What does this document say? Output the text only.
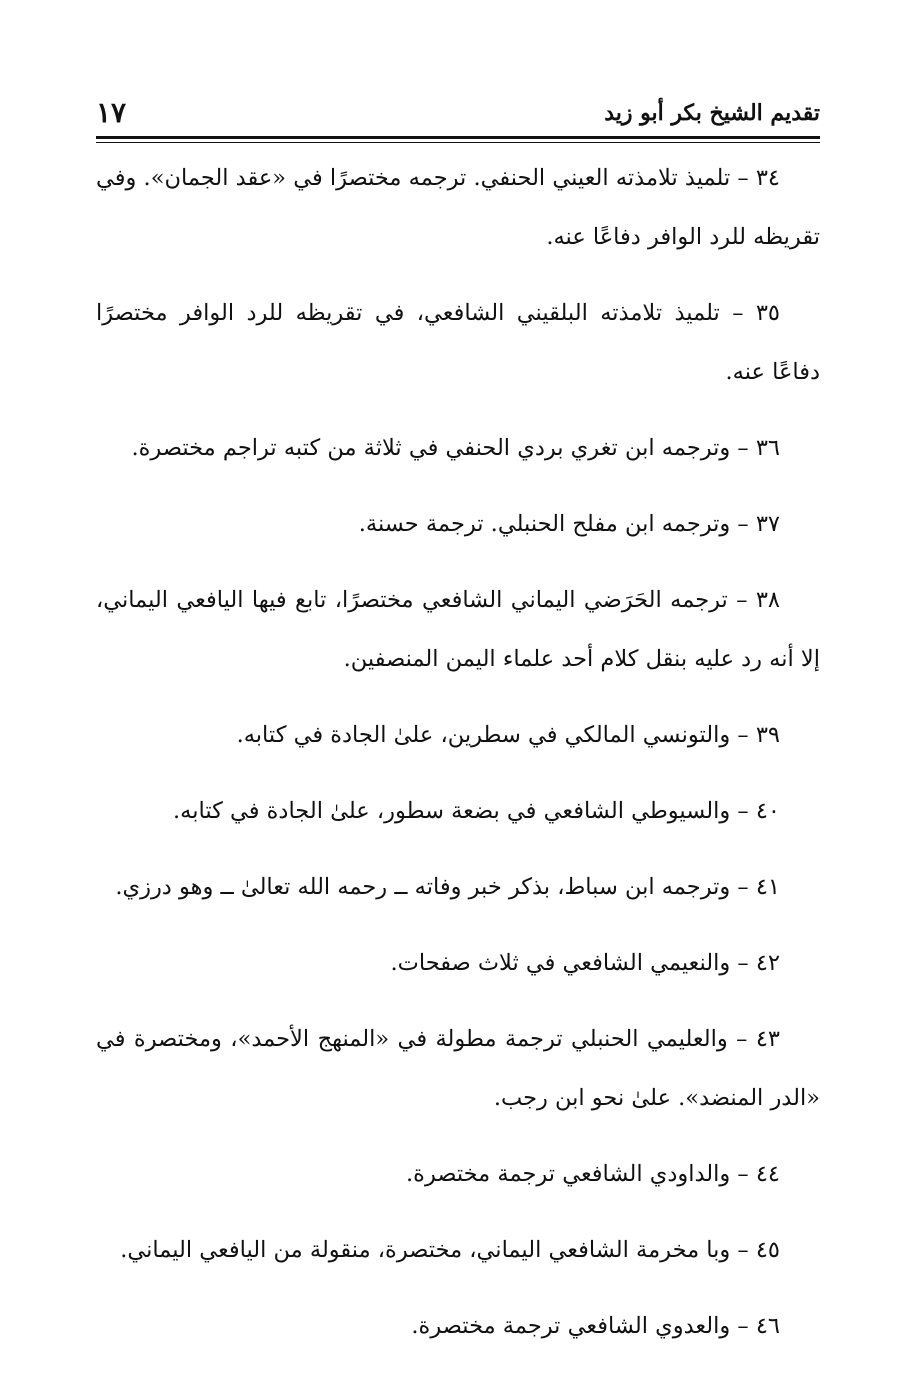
تقديم الشيخ بكر أبو زيد
١٧

٣٤ – تلميذ تلامذته العيني الحنفي. ترجمه مختصرًا في «عقد الجمان». وفي تقريظه للرد الوافر دفاعًا عنه.

٣٥ – تلميذ تلامذته البلقيني الشافعي، في تقريظه للرد الوافر مختصرًا دفاعًا عنه.

٣٦ – وترجمه ابن تغري بردي الحنفي في ثلاثة من كتبه تراجم مختصرة.

٣٧ – وترجمه ابن مفلح الحنبلي. ترجمة حسنة.

٣٨ – ترجمه الحَرَضي اليماني الشافعي مختصرًا، تابع فيها اليافعي اليماني، إلا أنه رد عليه بنقل كلام أحد علماء اليمن المنصفين.

٣٩ – والتونسي المالكي في سطرين، علىٰ الجادة في كتابه.

٤٠ – والسيوطي الشافعي في بضعة سطور، علىٰ الجادة في كتابه.

٤١ – وترجمه ابن سباط، بذكر خبر وفاته ــ رحمه الله تعالىٰ ــ وهو درزي.

٤٢ – والنعيمي الشافعي في ثلاث صفحات.

٤٣ – والعليمي الحنبلي ترجمة مطولة في «المنهج الأحمد»، ومختصرة في «الدر المنضد». علىٰ نحو ابن رجب.

٤٤ – والداودي الشافعي ترجمة مختصرة.

٤٥ – وبا مخرمة الشافعي اليماني، مختصرة، منقولة من اليافعي اليماني.

٤٦ – والعدوي الشافعي ترجمة مختصرة.
